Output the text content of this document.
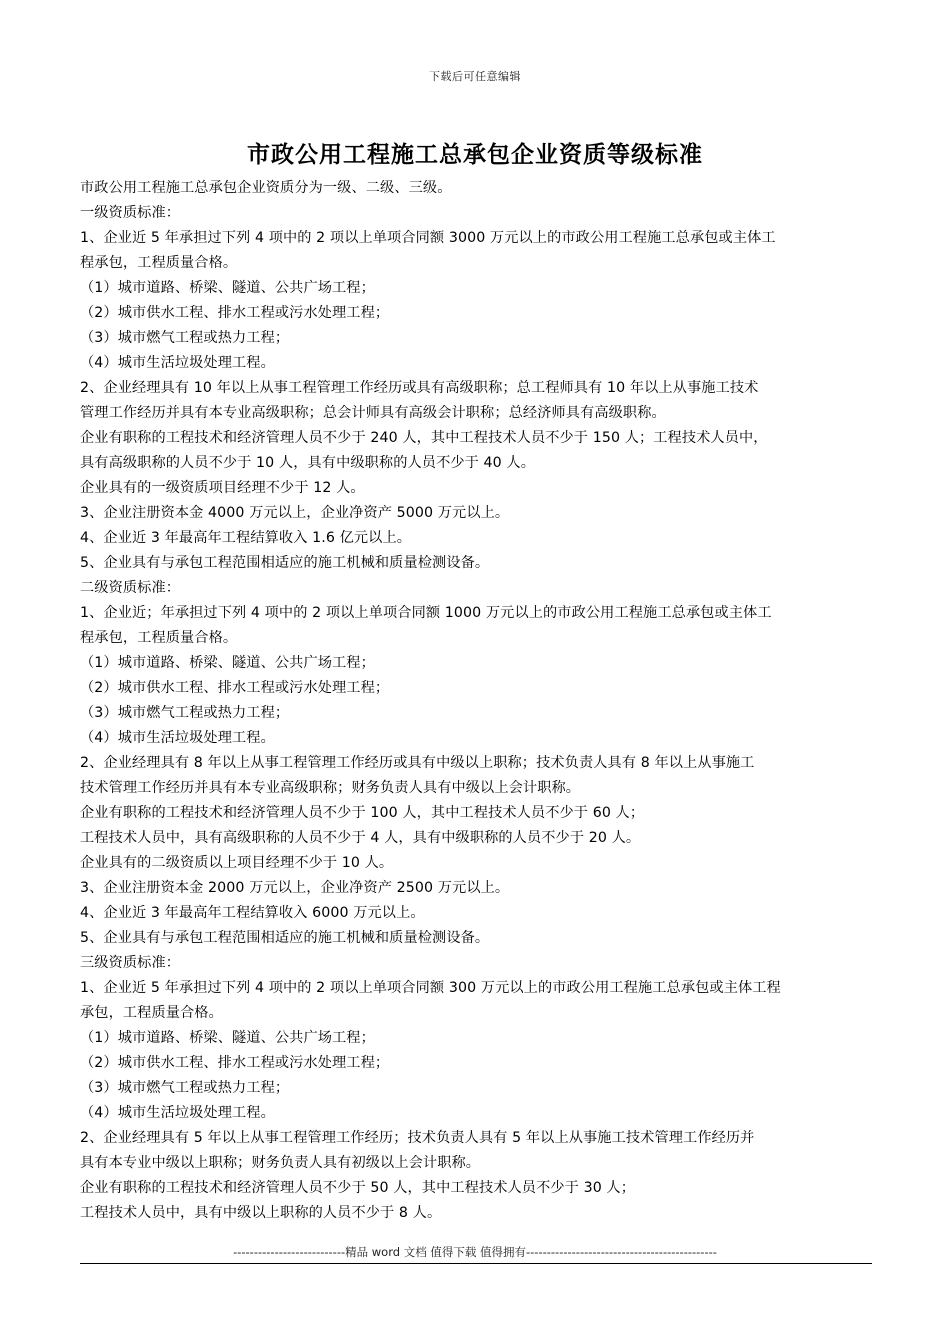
下载后可任意编辑
市政公用工程施工总承包企业资质等级标准
市政公用工程施工总承包企业资质分为一级、二级、三级。
一级资质标准：
1、企业近 5 年承担过下列 4 项中的 2 项以上单项合同额 3000 万元以上的市政公用工程施工总承包或主体工
程承包，工程质量合格。
（1）城市道路、桥梁、隧道、公共广场工程；
（2）城市供水工程、排水工程或污水处理工程；
（3）城市燃气工程或热力工程；
（4）城市生活垃圾处理工程。
2、企业经理具有 10 年以上从事工程管理工作经历或具有高级职称；总工程师具有 10 年以上从事施工技术
管理工作经历并具有本专业高级职称；总会计师具有高级会计职称；总经济师具有高级职称。
企业有职称的工程技术和经济管理人员不少于 240 人，其中工程技术人员不少于 150 人；工程技术人员中，
具有高级职称的人员不少于 10 人，具有中级职称的人员不少于 40 人。
企业具有的一级资质项目经理不少于 12 人。
3、企业注册资本金 4000 万元以上，企业净资产 5000 万元以上。
4、企业近 3 年最高年工程结算收入 1.6 亿元以上。
5、企业具有与承包工程范围相适应的施工机械和质量检测设备。
二级资质标准：
1、企业近；年承担过下列 4 项中的 2 项以上单项合同额 1000 万元以上的市政公用工程施工总承包或主体工
程承包，工程质量合格。
（1）城市道路、桥梁、隧道、公共广场工程；
（2）城市供水工程、排水工程或污水处理工程；
（3）城市燃气工程或热力工程；
（4）城市生活垃圾处理工程。
2、企业经理具有 8 年以上从事工程管理工作经历或具有中级以上职称；技术负责人具有 8 年以上从事施工
技术管理工作经历并具有本专业高级职称；财务负责人具有中级以上会计职称。
企业有职称的工程技术和经济管理人员不少于 100 人，其中工程技术人员不少于 60 人；
工程技术人员中，具有高级职称的人员不少于 4 人，具有中级职称的人员不少于 20 人。
企业具有的二级资质以上项目经理不少于 10 人。
3、企业注册资本金 2000 万元以上，企业净资产 2500 万元以上。
4、企业近 3 年最高年工程结算收入 6000 万元以上。
5、企业具有与承包工程范围相适应的施工机械和质量检测设备。
三级资质标准：
1、企业近 5 年承担过下列 4 项中的 2 项以上单项合同额 300 万元以上的市政公用工程施工总承包或主体工程
承包，工程质量合格。
（1）城市道路、桥梁、隧道、公共广场工程；
（2）城市供水工程、排水工程或污水处理工程；
（3）城市燃气工程或热力工程；
（4）城市生活垃圾处理工程。
2、企业经理具有 5 年以上从事工程管理工作经历；技术负责人具有 5 年以上从事施工技术管理工作经历并
具有本专业中级以上职称；财务负责人具有初级以上会计职称。
企业有职称的工程技术和经济管理人员不少于 50 人，其中工程技术人员不少于 30 人；
工程技术人员中，具有中级以上职称的人员不少于 8 人。
---------------------------精品 word 文档 值得下载 值得拥有----------------------------------------------
